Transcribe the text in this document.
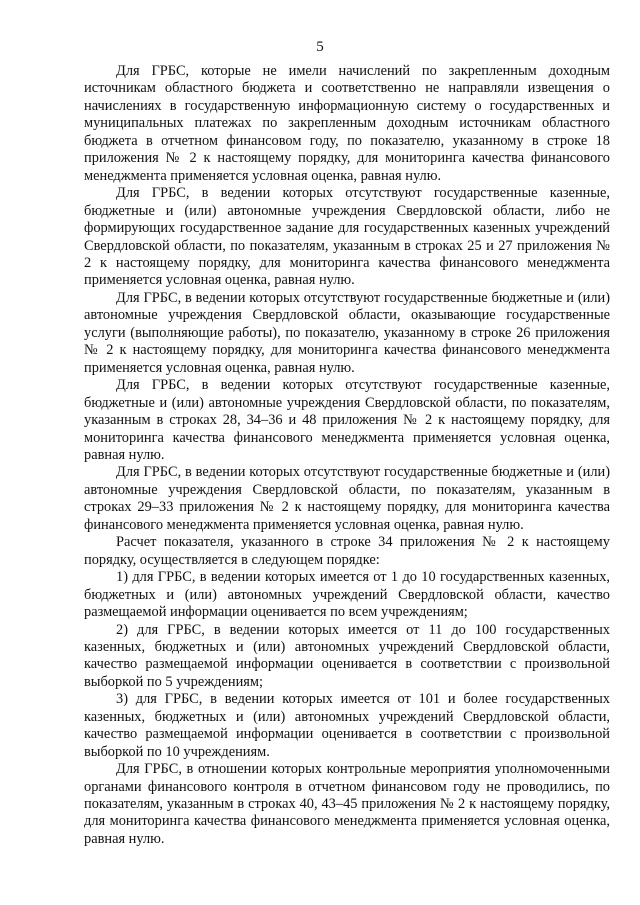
5

Для ГРБС, которые не имели начислений по закрепленным доходным источникам областного бюджета и соответственно не направляли извещения о начислениях в государственную информационную систему о государственных и муниципальных платежах по закрепленным доходным источникам областного бюджета в отчетном финансовом году, по показателю, указанному в строке 18 приложения № 2 к настоящему порядку, для мониторинга качества финансового менеджмента применяется условная оценка, равная нулю.

Для ГРБС, в ведении которых отсутствуют государственные казенные, бюджетные и (или) автономные учреждения Свердловской области, либо не формирующих государственное задание для государственных казенных учреждений Свердловской области, по показателям, указанным в строках 25 и 27 приложения № 2 к настоящему порядку, для мониторинга качества финансового менеджмента применяется условная оценка, равная нулю.

Для ГРБС, в ведении которых отсутствуют государственные бюджетные и (или) автономные учреждения Свердловской области, оказывающие государственные услуги (выполняющие работы), по показателю, указанному в строке 26 приложения № 2 к настоящему порядку, для мониторинга качества финансового менеджмента применяется условная оценка, равная нулю.

Для ГРБС, в ведении которых отсутствуют государственные казенные, бюджетные и (или) автономные учреждения Свердловской области, по показателям, указанным в строках 28, 34–36 и 48 приложения № 2 к настоящему порядку, для мониторинга качества финансового менеджмента применяется условная оценка, равная нулю.

Для ГРБС, в ведении которых отсутствуют государственные бюджетные и (или) автономные учреждения Свердловской области, по показателям, указанным в строках 29–33 приложения № 2 к настоящему порядку, для мониторинга качества финансового менеджмента применяется условная оценка, равная нулю.

Расчет показателя, указанного в строке 34 приложения № 2 к настоящему порядку, осуществляется в следующем порядке:

1) для ГРБС, в ведении которых имеется от 1 до 10 государственных казенных, бюджетных и (или) автономных учреждений Свердловской области, качество размещаемой информации оценивается по всем учреждениям;

2) для ГРБС, в ведении которых имеется от 11 до 100 государственных казенных, бюджетных и (или) автономных учреждений Свердловской области, качество размещаемой информации оценивается в соответствии с произвольной выборкой по 5 учреждениям;

3) для ГРБС, в ведении которых имеется от 101 и более государственных казенных, бюджетных и (или) автономных учреждений Свердловской области, качество размещаемой информации оценивается в соответствии с произвольной выборкой по 10 учреждениям.

Для ГРБС, в отношении которых контрольные мероприятия уполномоченными органами финансового контроля в отчетном финансовом году не проводились, по показателям, указанным в строках 40, 43–45 приложения № 2 к настоящему порядку, для мониторинга качества финансового менеджмента применяется условная оценка, равная нулю.
